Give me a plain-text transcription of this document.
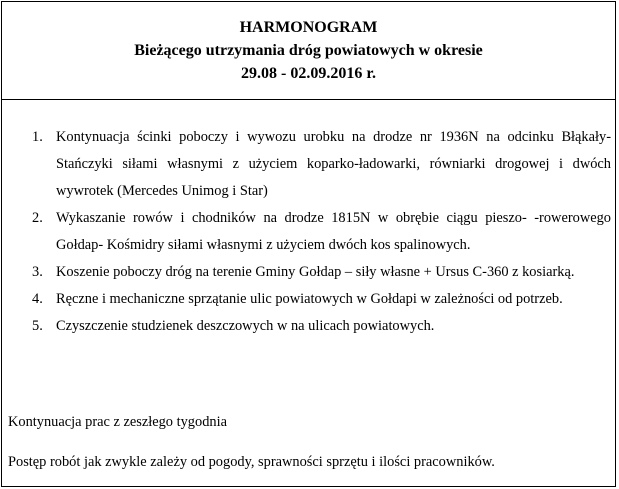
HARMONOGRAM
Bieżącego utrzymania dróg powiatowych w okresie
29.08 - 02.09.2016 r.
1. Kontynuacja ścinki poboczy i wywozu urobku na drodze nr 1936N na odcinku Błąkały-Stańczyki siłami własnymi z użyciem koparko-ładowarki, równiarki drogowej i dwóch wywrotek (Mercedes Unimog i Star)
2. Wykaszanie rowów i chodników na drodze 1815N w obrębie ciągu pieszo- -rowerowego Gołdap- Kośmidry siłami własnymi z użyciem dwóch kos spalinowych.
3. Koszenie poboczy dróg na terenie Gminy Gołdap – siły własne + Ursus C-360 z kosiarką.
4. Ręczne i mechaniczne sprzątanie ulic powiatowych w Gołdapi w zależności od potrzeb.
5. Czyszczenie studzienek deszczowych w na ulicach powiatowych.
Kontynuacja prac z zeszłego tygodnia
Postęp robót jak zwykle zależy od pogody, sprawności sprzętu i ilości pracowników.
